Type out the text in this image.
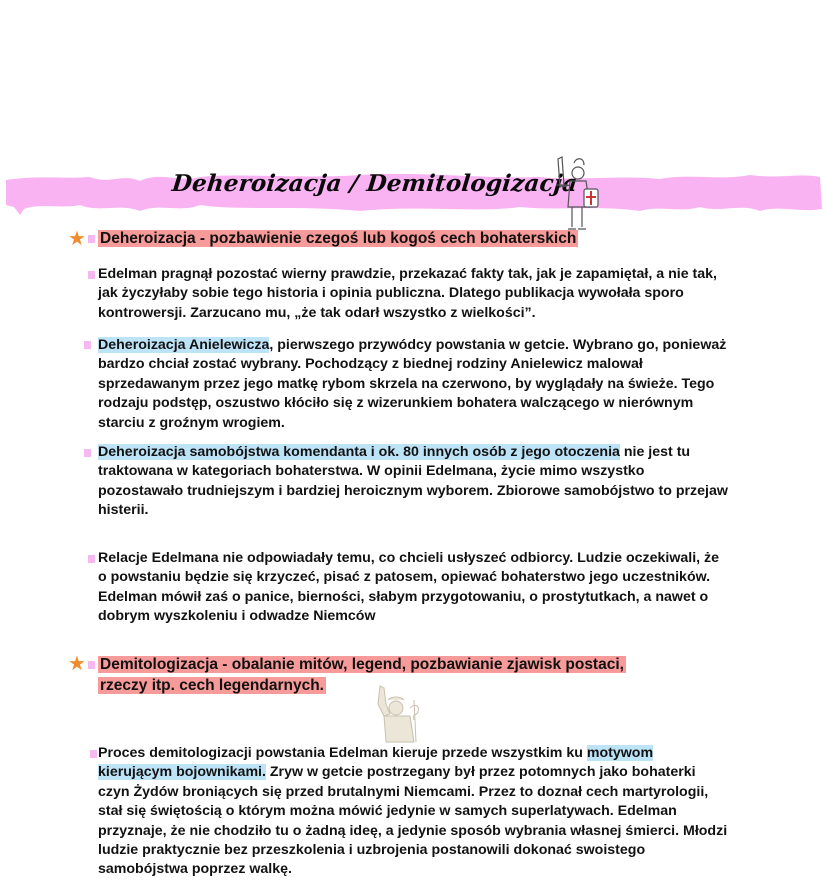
Deheroizacja / Demitologizacja
★ Deheroizacja - pozbawienie czegoś lub kogoś cech bohaterskich
Edelman pragnął pozostać wierny prawdzie, przekazać fakty tak, jak je zapamiętał, a nie tak, jak życzyłaby sobie tego historia i opinia publiczna. Dlatego publikacja wywołała sporo kontrowersji. Zarzucano mu, „że tak odarł wszystko z wielkości”.
Deheroizacja Anielewicza, pierwszego przywódcy powstania w getcie. Wybrano go, ponieważ bardzo chciał zostać wybrany. Pochodzący z biednej rodziny Anielewicz malował sprzedawanym przez jego matkę rybom skrzela na czerwono, by wyglądały na świeże. Tego rodzaju podstęp, oszustwo kłóciło się z wizerunkiem bohatera walczącego w nierównym starciu z groźnym wrogiem.
Deheroizacja samobójstwa komendanta i ok. 80 innych osób z jego otoczenia nie jest tu traktowana w kategoriach bohaterstwa. W opinii Edelmana, życie mimo wszystko pozostawało trudniejszym i bardziej heroicznym wyborem. Zbiorowe samobójstwo to przejaw histerii.
Relacje Edelmana nie odpowiadały temu, co chcieli usłyszeć odbiorcy. Ludzie oczekiwali, że o powstaniu będzie się krzyczeć, pisać z patosem, opiewać bohaterstwo jego uczestników. Edelman mówił zaś o panice, bierności, słabym przygotowaniu, o prostytutkach, a nawet o dobrym wyszkoleniu i odwadze Niemców
★ Demitologizacja - obalanie mitów, legend, pozbawianie zjawisk postaci,
rzeczy itp. cech legendarnych.
Proces demitologizacji powstania Edelman kieruje przede wszystkim ku motywom kierującym bojownikami. Zryw w getcie postrzegany był przez potomnych jako bohaterki czyn Żydów broniących się przed brutalnymi Niemcami. Przez to doznał cech martyrologii, stał się świętością o którym można mówić jedynie w samych superlatywach. Edelman przyznaje, że nie chodziło tu o żadną ideę, a jedynie sposób wybrania własnej śmierci. Młodzi ludzie praktycznie bez przeszkolenia i uzbrojenia postanowili dokonać swoistego samobójstwa poprzez walkę.
